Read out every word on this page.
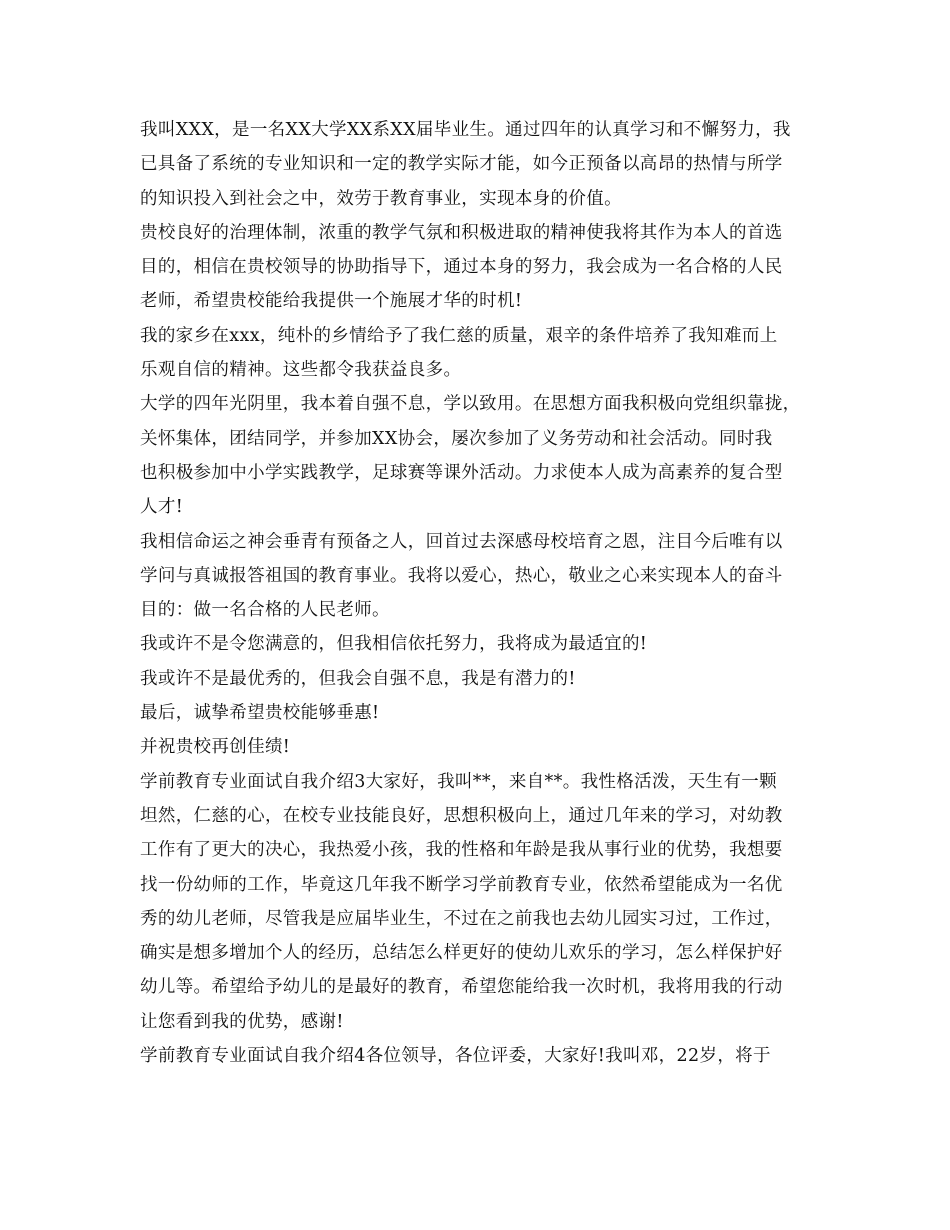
我叫XXX，是一名XX大学XX系XX届毕业生。通过四年的认真学习和不懈努力，我
已具备了系统的专业知识和一定的教学实际才能，如今正预备以高昂的热情与所学
的知识投入到社会之中，效劳于教育事业，实现本身的价值。
贵校良好的治理体制，浓重的教学气氛和积极进取的精神使我将其作为本人的首选
目的，相信在贵校领导的协助指导下，通过本身的努力，我会成为一名合格的人民
老师，希望贵校能给我提供一个施展才华的时机!
我的家乡在xxx，纯朴的乡情给予了我仁慈的质量，艰辛的条件培养了我知难而上
乐观自信的精神。这些都令我获益良多。
大学的四年光阴里，我本着自强不息，学以致用。在思想方面我积极向党组织靠拢，
关怀集体，团结同学，并参加XX协会，屡次参加了义务劳动和社会活动。同时我
也积极参加中小学实践教学，足球赛等课外活动。力求使本人成为高素养的复合型
人才!
我相信命运之神会垂青有预备之人，回首过去深感母校培育之恩，注目今后唯有以
学问与真诚报答祖国的教育事业。我将以爱心，热心，敬业之心来实现本人的奋斗
目的：做一名合格的人民老师。
我或许不是令您满意的，但我相信依托努力，我将成为最适宜的!
我或许不是最优秀的，但我会自强不息，我是有潜力的!
最后，诚挚希望贵校能够垂惠!
并祝贵校再创佳绩!
学前教育专业面试自我介绍3大家好，我叫**，来自**。我性格活泼，天生有一颗
坦然，仁慈的心，在校专业技能良好，思想积极向上，通过几年来的学习，对幼教
工作有了更大的决心，我热爱小孩，我的性格和年龄是我从事行业的优势，我想要
找一份幼师的工作，毕竟这几年我不断学习学前教育专业，依然希望能成为一名优
秀的幼儿老师，尽管我是应届毕业生，不过在之前我也去幼儿园实习过，工作过，
确实是想多增加个人的经历，总结怎么样更好的使幼儿欢乐的学习，怎么样保护好
幼儿等。希望给予幼儿的是最好的教育，希望您能给我一次时机，我将用我的行动
让您看到我的优势，感谢!
学前教育专业面试自我介绍4各位领导，各位评委，大家好!我叫邓，22岁，将于
